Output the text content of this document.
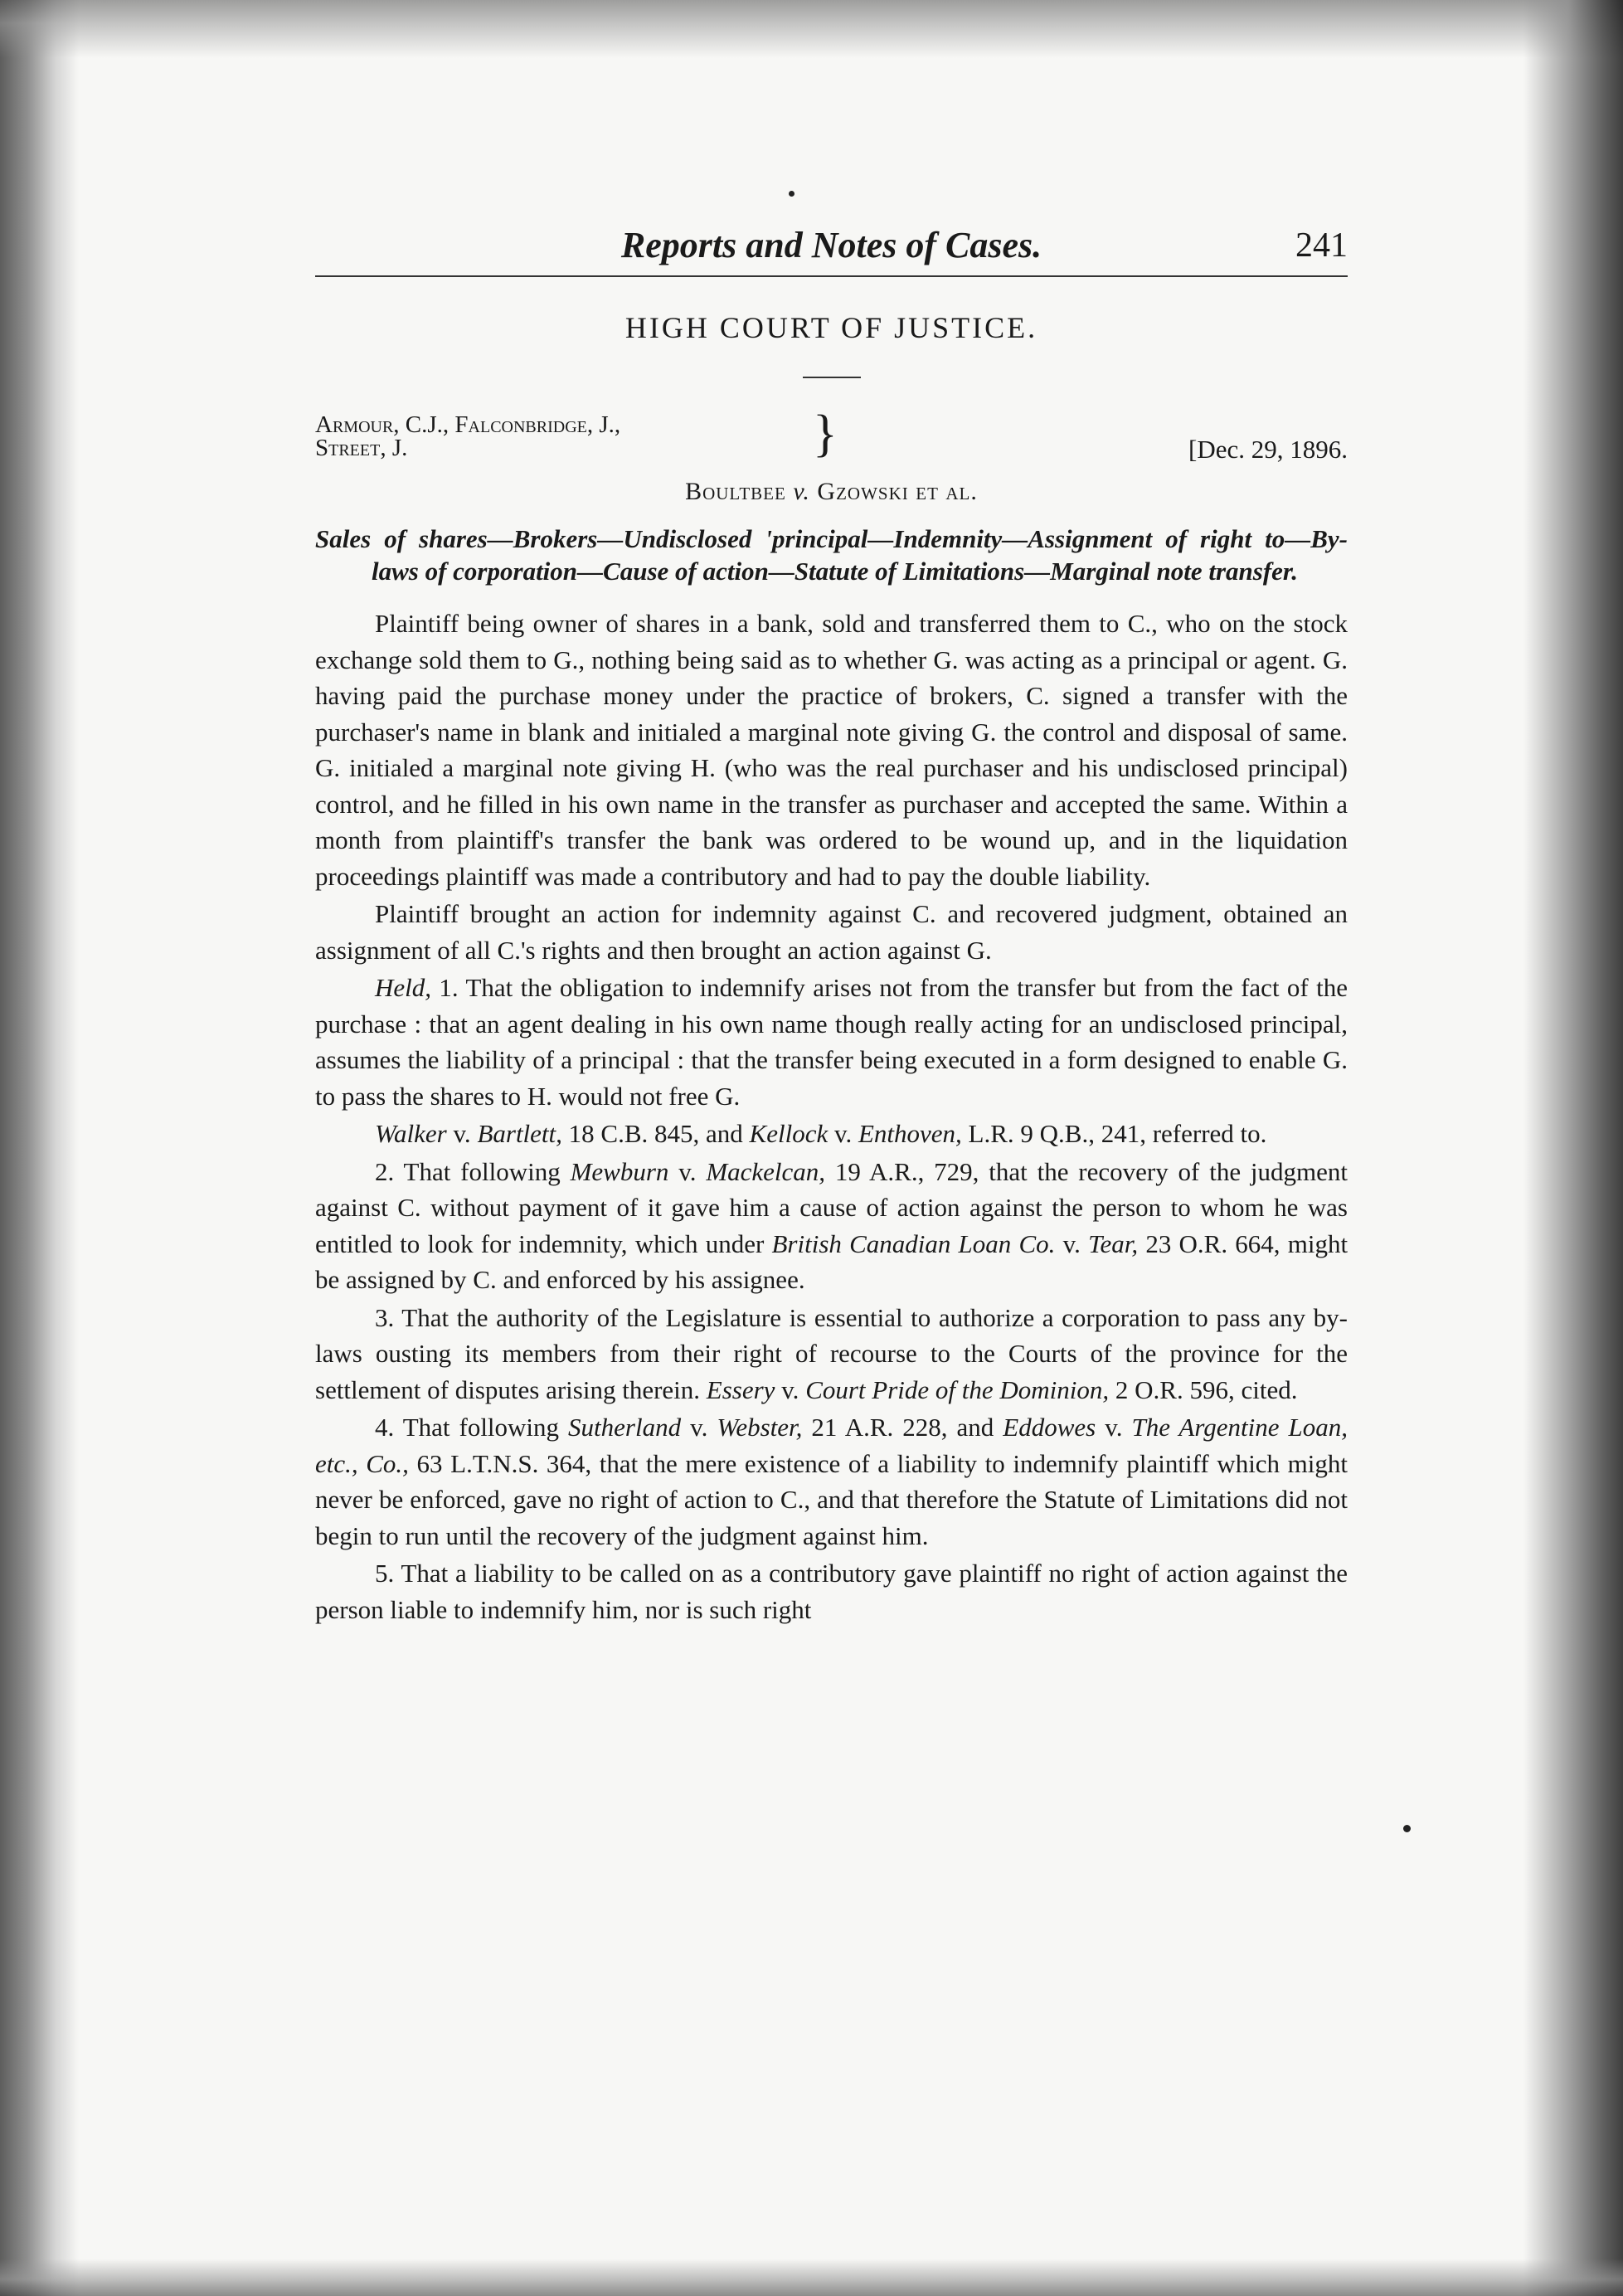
Reports and Notes of Cases.	241
HIGH COURT OF JUSTICE.
Armour, C.J., Falconbridge, J.,
Street, J.	}	[Dec. 29, 1896.
Boultbee v. Gzowski et al.
Sales of shares—Brokers—Undisclosed 'principal—Indemnity—Assignment of right to—By-laws of corporation—Cause of action—Statute of Limitations—Marginal note transfer.

Plaintiff being owner of shares in a bank, sold and transferred them to C., who on the stock exchange sold them to G., nothing being said as to whether G. was acting as a principal or agent. G. having paid the purchase money under the practice of brokers, C. signed a transfer with the purchaser's name in blank and initialed a marginal note giving G. the control and disposal of same. G. initialed a marginal note giving H. (who was the real purchaser and his undisclosed principal) control, and he filled in his own name in the transfer as purchaser and accepted the same. Within a month from plaintiff's transfer the bank was ordered to be wound up, and in the liquidation proceedings plaintiff was made a contributory and had to pay the double liability.

Plaintiff brought an action for indemnity against C. and recovered judgment, obtained an assignment of all C.'s rights and then brought an action against G.

Held, 1. That the obligation to indemnify arises not from the transfer but from the fact of the purchase : that an agent dealing in his own name though really acting for an undisclosed principal, assumes the liability of a principal : that the transfer being executed in a form designed to enable G. to pass the shares to H. would not free G.

Walker v. Bartlett, 18 C.B. 845, and Kellock v. Enthoven, L.R. 9 Q.B., 241, referred to.

2. That following Mewburn v. Mackelcan, 19 A.R., 729, that the recovery of the judgment against C. without payment of it gave him a cause of action against the person to whom he was entitled to look for indemnity, which under British Canadian Loan Co. v. Tear, 23 O.R. 664, might be assigned by C. and enforced by his assignee.

3. That the authority of the Legislature is essential to authorize a corporation to pass any by-laws ousting its members from their right of recourse to the Courts of the province for the settlement of disputes arising therein. Essery v. Court Pride of the Dominion, 2 O.R. 596, cited.

4. That following Sutherland v. Webster, 21 A.R. 228, and Eddowes v. The Argentine Loan, etc., Co., 63 L.T.N.S. 364, that the mere existence of a liability to indemnify plaintiff which might never be enforced, gave no right of action to C., and that therefore the Statute of Limitations did not begin to run until the recovery of the judgment against him.

5. That a liability to be called on as a contributory gave plaintiff no right of action against the person liable to indemnify him, nor is such right
